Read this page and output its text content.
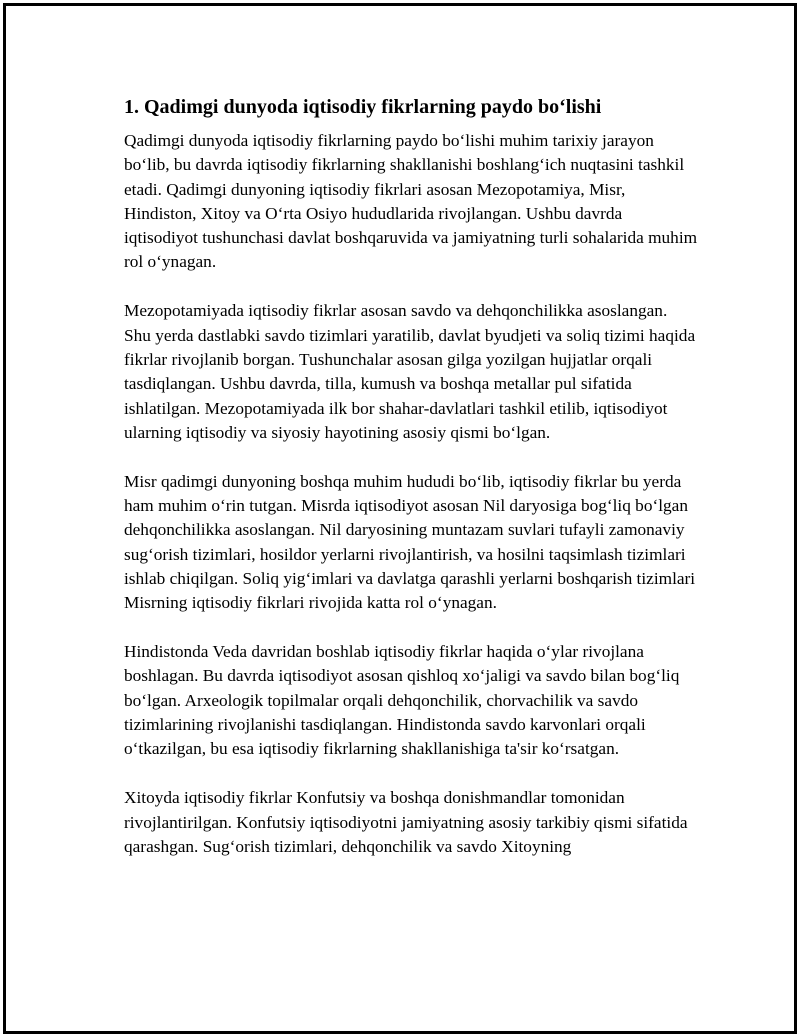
1. Qadimgi dunyoda iqtisodiy fikrlarning paydo bo‘lishi

Qadimgi dunyoda iqtisodiy fikrlarning paydo bo‘lishi muhim tarixiy jarayon bo‘lib, bu davrda iqtisodiy fikrlarning shakllanishi boshlang‘ich nuqtasini tashkil etadi. Qadimgi dunyoning iqtisodiy fikrlari asosan Mezopotamiya, Misr, Hindiston, Xitoy va O‘rta Osiyo hududlarida rivojlangan. Ushbu davrda iqtisodiyot tushunchasi davlat boshqaruvida va jamiyatning turli sohalarida muhim rol o‘ynagan.

Mezopotamiyada iqtisodiy fikrlar asosan savdo va dehqonchilikka asoslangan. Shu yerda dastlabki savdo tizimlari yaratilib, davlat byudjeti va soliq tizimi haqida fikrlar rivojlanib borgan. Tushunchalar asosan gilga yozilgan hujjatlar orqali tasdiqlangan. Ushbu davrda, tilla, kumush va boshqa metallar pul sifatida ishlatilgan. Mezopotamiyada ilk bor shahar-davlatlari tashkil etilib, iqtisodiyot ularning iqtisodiy va siyosiy hayotining asosiy qismi bo‘lgan.

Misr qadimgi dunyoning boshqa muhim hududi bo‘lib, iqtisodiy fikrlar bu yerda ham muhim o‘rin tutgan. Misrda iqtisodiyot asosan Nil daryosiga bog‘liq bo‘lgan dehqonchilikka asoslangan. Nil daryosining muntazam suvlari tufayli zamonaviy sug‘orish tizimlari, hosildor yerlarni rivojlantirish, va hosilni taqsimlash tizimlari ishlab chiqilgan. Soliq yig‘imlari va davlatga qarashli yerlarni boshqarish tizimlari Misrning iqtisodiy fikrlari rivojida katta rol o‘ynagan.

Hindistonda Veda davridan boshlab iqtisodiy fikrlar haqida o‘ylar rivojlana boshlagan. Bu davrda iqtisodiyot asosan qishloq xo‘jaligi va savdo bilan bog‘liq bo‘lgan. Arxeologik topilmalar orqali dehqonchilik, chorvachilik va savdo tizimlarining rivojlanishi tasdiqlangan. Hindistonda savdo karvonlari orqali o‘tkazilgan, bu esa iqtisodiy fikrlarning shakllanishiga ta'sir ko‘rsatgan.

Xitoyda iqtisodiy fikrlar Konfutsiy va boshqa donishmandlar tomonidan rivojlantirilgan. Konfutsiy iqtisodiyotni jamiyatning asosiy tarkibiy qismi sifatida qarashgan. Sug‘orish tizimlari, dehqonchilik va savdo Xitoyning
